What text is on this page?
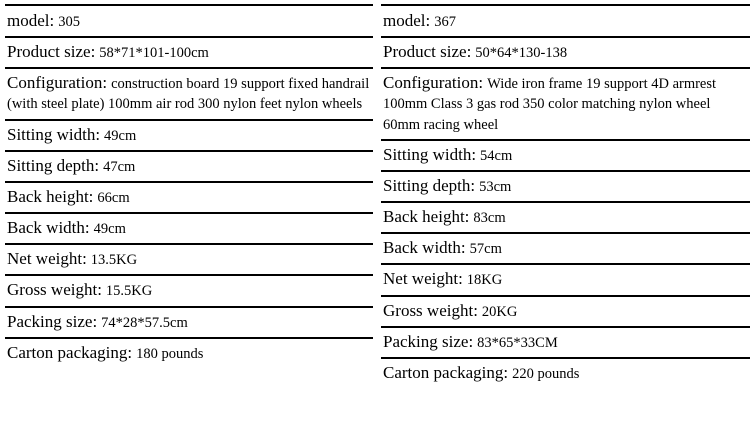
model: 305
Product size: 58*71*101-100cm
Configuration: construction board 19 support fixed handrail (with steel plate) 100mm air rod 300 nylon feet nylon wheels
Sitting width: 49cm
Sitting depth: 47cm
Back height: 66cm
Back width: 49cm
Net weight: 13.5KG
Gross weight: 15.5KG
Packing size: 74*28*57.5cm
Carton packaging: 180 pounds
model: 367
Product size: 50*64*130-138
Configuration: Wide iron frame 19 support 4D armrest 100mm Class 3 gas rod 350 color matching nylon wheel 60mm racing wheel
Sitting width: 54cm
Sitting depth: 53cm
Back height: 83cm
Back width: 57cm
Net weight: 18KG
Gross weight: 20KG
Packing size: 83*65*33CM
Carton packaging: 220 pounds
